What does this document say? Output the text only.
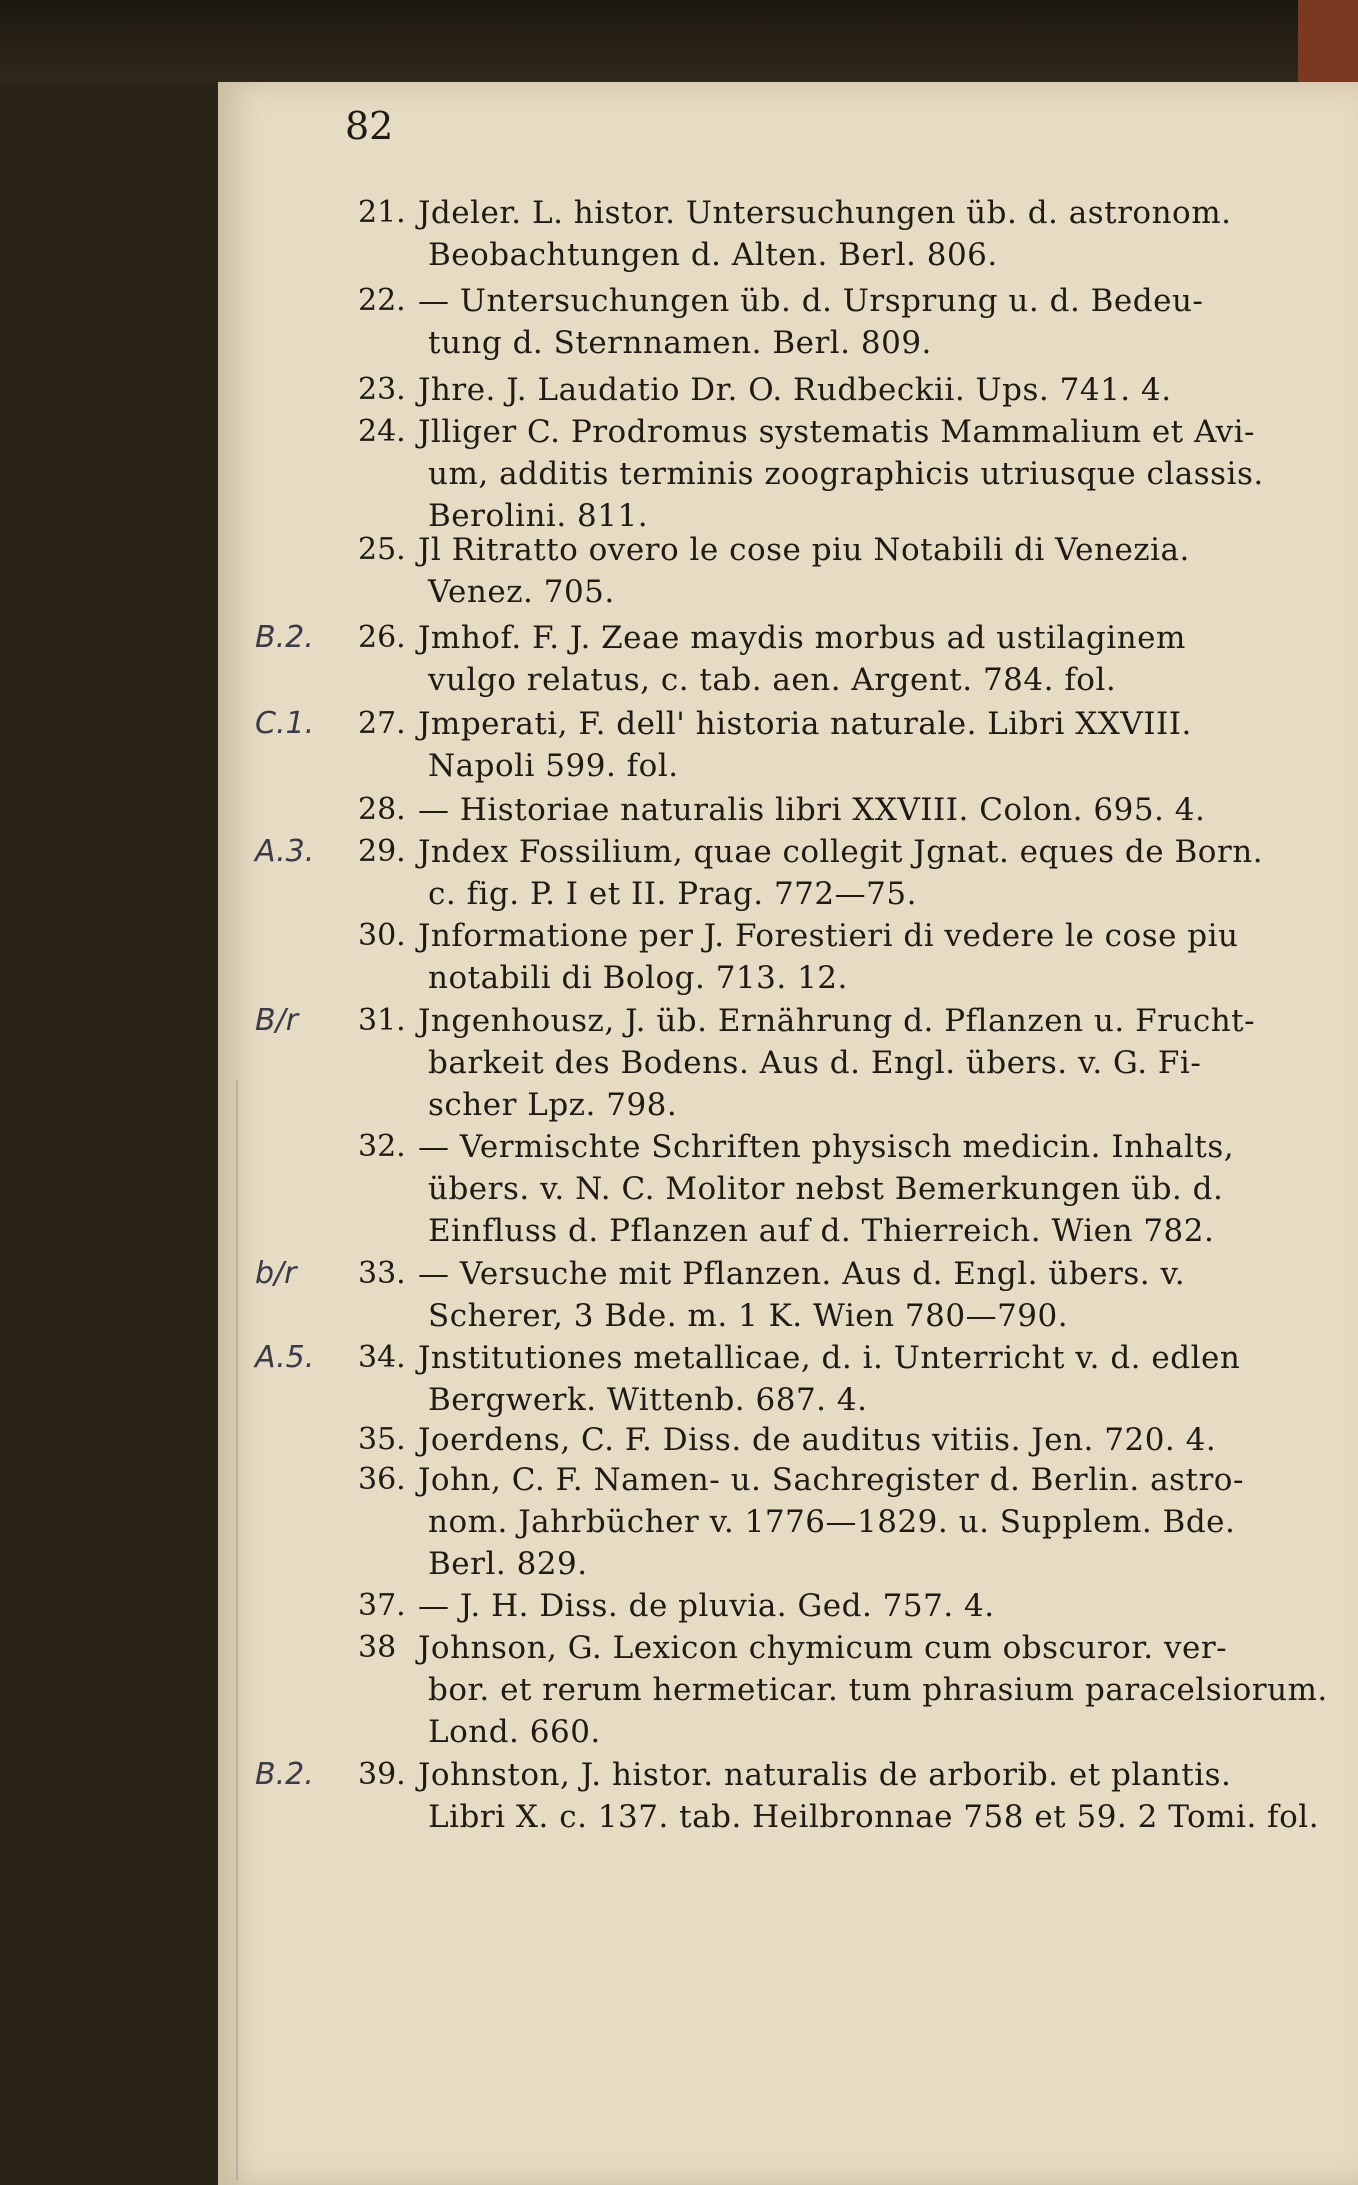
82
21. Jdeler. L. histor. Untersuchungen üb. d. astronom.
Beobachtungen d. Alten. Berl. 806.
22. — Untersuchungen üb. d. Ursprung u. d. Bedeu-
tung d. Sternnamen. Berl. 809.
23. Jhre. J. Laudatio Dr. O. Rudbeckii. Ups. 741. 4.
24. Jlliger C. Prodromus systematis Mammalium et Avi-
um, additis terminis zoographicis utriusque classis.
Berolini. 811.
25. Jl Ritratto overo le cose piu Notabili di Venezia.
Venez. 705.
26. Jmhof. F. J. Zeae maydis morbus ad ustilaginem
vulgo relatus, c. tab. aen. Argent. 784. fol.
B.2.
27. Jmperati, F. dell' historia naturale. Libri XXVIII.
Napoli 599. fol.
C.1.
28. — Historiae naturalis libri XXVIII. Colon. 695. 4.
29. Jndex Fossilium, quae collegit Jgnat. eques de Born.
c. fig. P. I et II. Prag. 772—75.
A.3.
30. Jnformatione per J. Forestieri di vedere le cose piu
notabili di Bolog. 713. 12.
31. Jngenhousz, J. üb. Ernährung d. Pflanzen u. Frucht-
barkeit des Bodens. Aus d. Engl. übers. v. G. Fi-
scher Lpz. 798.
B/r
32. — Vermischte Schriften physisch medicin. Inhalts,
übers. v. N. C. Molitor nebst Bemerkungen üb. d.
Einfluss d. Pflanzen auf d. Thierreich. Wien 782.
33. — Versuche mit Pflanzen. Aus d. Engl. übers. v.
Scherer, 3 Bde. m. 1 K. Wien 780—790.
b/r
34. Jnstitutiones metallicae, d. i. Unterricht v. d. edlen
Bergwerk. Wittenb. 687. 4.
A.5.
35. Joerdens, C. F. Diss. de auditus vitiis. Jen. 720. 4.
36. John, C. F. Namen- u. Sachregister d. Berlin. astro-
nom. Jahrbücher v. 1776—1829. u. Supplem. Bde.
Berl. 829.
37. — J. H. Diss. de pluvia. Ged. 757. 4.
38 Johnson, G. Lexicon chymicum cum obscuror. ver-
bor. et rerum hermeticar. tum phrasium paracelsiorum.
Lond. 660.
39. Johnston, J. histor. naturalis de arborib. et plantis.
Libri X. c. 137. tab. Heilbronnae 758 et 59. 2 Tomi. fol.
B.2.
